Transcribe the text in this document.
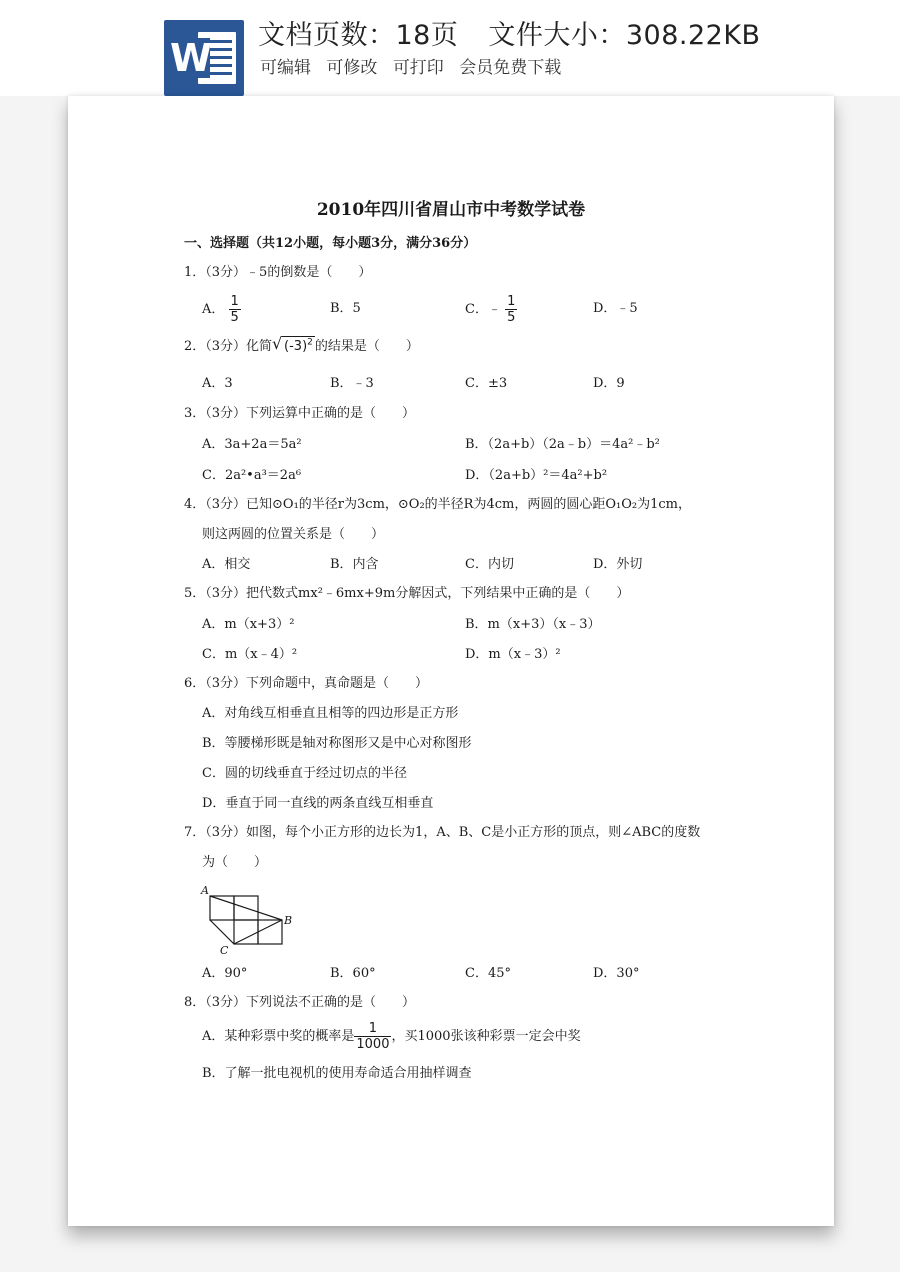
W
文档页数：18页 文件大小：308.22KB
可编辑 可修改 可打印 会员免费下载
2010年四川省眉山市中考数学试卷
一、选择题（共12小题，每小题3分，满分36分）
1．（3分）﹣5的倒数是（　　）
A． $\frac{1}{5}$	B．5	C．﹣ $\frac{1}{5}$	D．﹣5
2．（3分）化简 √ $(-3)^2$ 的结果是（　　）
A．3	B．﹣3	C．±3	D．9
3．（3分）下列运算中正确的是（　　）
A．3a+2a＝5a²	B．（2a+b）（2a﹣b）＝4a²﹣b²
C．2a²•a³＝2a⁶	D．（2a+b）²＝4a²+b²
4．（3分）已知⊙O₁的半径r为3cm，⊙O₂的半径R为4cm，两圆的圆心距O₁O₂为1cm，
则这两圆的位置关系是（　　）
A．相交	B．内含	C．内切	D．外切
5．（3分）把代数式mx²﹣6mx+9m分解因式，下列结果中正确的是（　　）
A．m（x+3）²	B．m（x+3）（x﹣3）
C．m（x﹣4）²	D．m（x﹣3）²
6．（3分）下列命题中，真命题是（　　）
A．对角线互相垂直且相等的四边形是正方形
B．等腰梯形既是轴对称图形又是中心对称图形
C．圆的切线垂直于经过切点的半径
D．垂直于同一直线的两条直线互相垂直
7．（3分）如图，每个小正方形的边长为1，A、B、C是小正方形的顶点，则∠ABC的度数
为（　　）
A
B
C
A．90°	B．60°	C．45°	D．30°
8．（3分）下列说法不正确的是（　　）
A．某种彩票中奖的概率是 $\frac{1}{1000}$ ，买1000张该种彩票一定会中奖
B．了解一批电视机的使用寿命适合用抽样调查
